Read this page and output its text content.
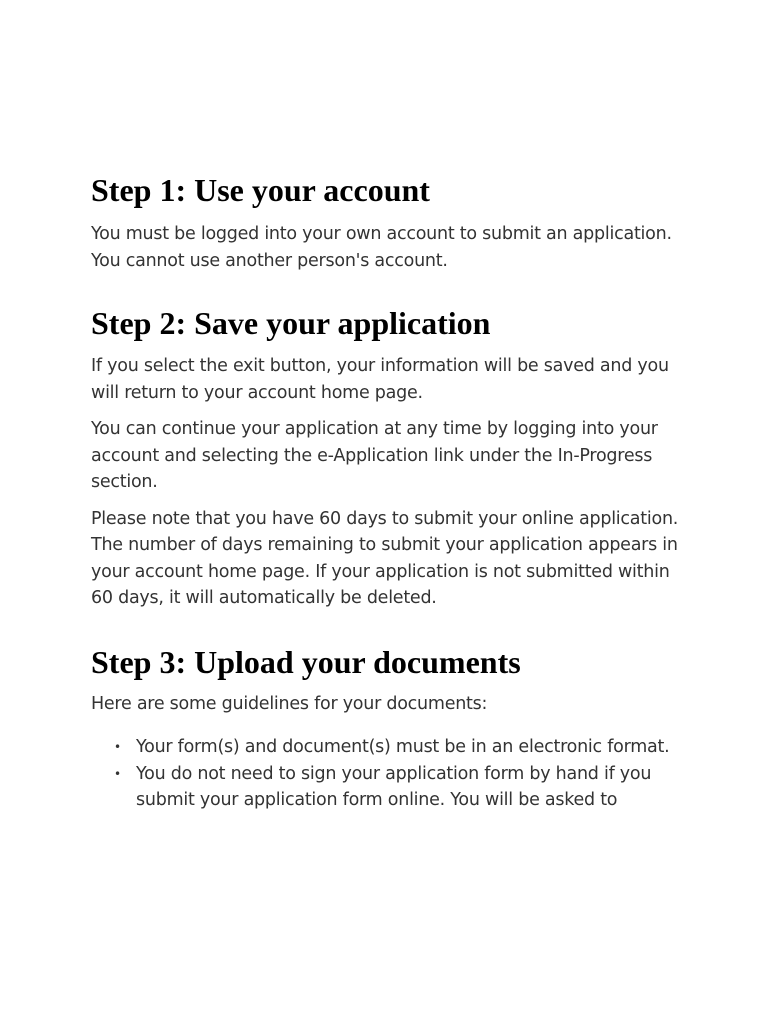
Step 1: Use your account

You must be logged into your own account to submit an application. You cannot use another person's account.

Step 2: Save your application

If you select the exit button, your information will be saved and you will return to your account home page.

You can continue your application at any time by logging into your account and selecting the e-Application link under the In-Progress section.

Please note that you have 60 days to submit your online application. The number of days remaining to submit your application appears in your account home page. If your application is not submitted within 60 days, it will automatically be deleted.

Step 3: Upload your documents

Here are some guidelines for your documents:

• Your form(s) and document(s) must be in an electronic format.
• You do not need to sign your application form by hand if you submit your application form online. You will be asked to
